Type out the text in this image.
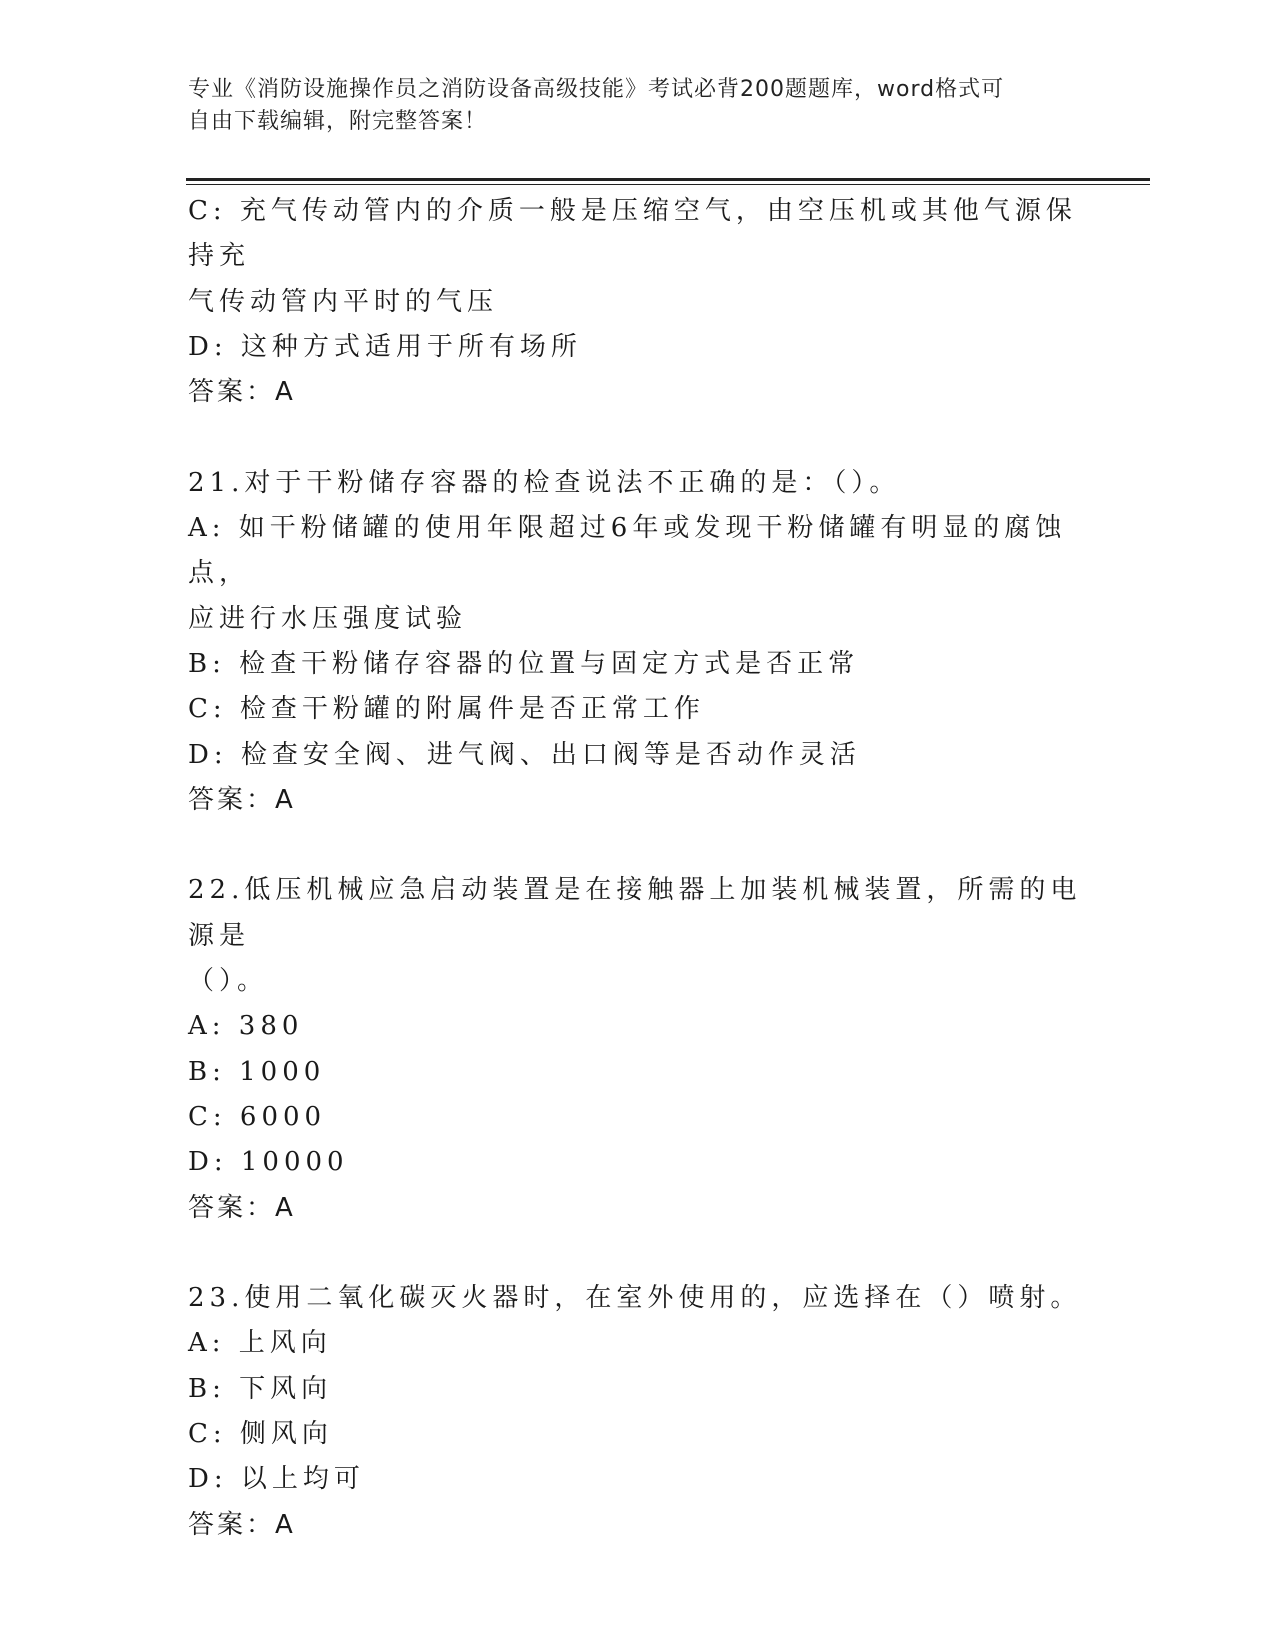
专业《消防设施操作员之消防设备高级技能》考试必背200题题库，word格式可
自由下载编辑，附完整答案！

C: 充气传动管内的介质一般是压缩空气，由空压机或其他气源保持充

气传动管内平时的气压

D: 这种方式适用于所有场所

答案：A

21.对于干粉储存容器的检查说法不正确的是：（）。

A: 如干粉储罐的使用年限超过6年或发现干粉储罐有明显的腐蚀点，

应进行水压强度试验

B: 检查干粉储存容器的位置与固定方式是否正常

C: 检查干粉罐的附属件是否正常工作

D: 检查安全阀、进气阀、出口阀等是否动作灵活

答案：A

22.低压机械应急启动装置是在接触器上加装机械装置，所需的电源是

（）。

A: 380

B: 1000

C: 6000

D: 10000

答案：A

23.使用二氧化碳灭火器时，在室外使用的，应选择在（）喷射。

A: 上风向

B: 下风向

C: 侧风向

D: 以上均可

答案：A
